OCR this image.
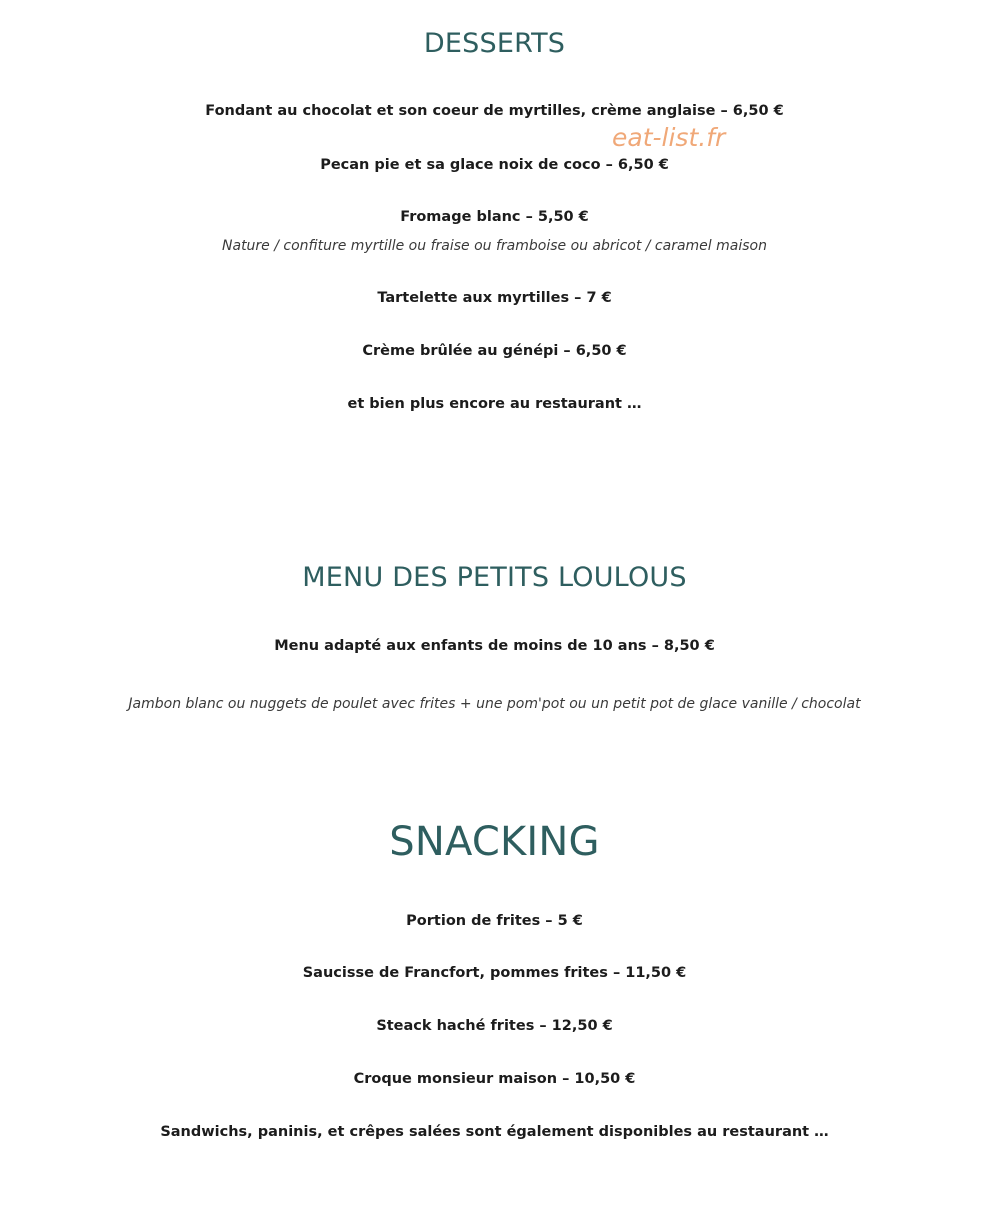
DESSERTS
Fondant au chocolat et son coeur de myrtilles, crème anglaise – 6,50 €
eat-list.fr
Pecan pie et sa glace noix de coco – 6,50 €
Fromage blanc – 5,50 €
Nature / confiture myrtille ou fraise ou framboise ou abricot / caramel maison
Tartelette aux myrtilles – 7 €
Crème brûlée au génépi – 6,50 €
et bien plus encore au restaurant …
MENU DES PETITS LOULOUS
Menu adapté aux enfants de moins de 10 ans – 8,50 €
Jambon blanc ou nuggets de poulet avec frites + une pom'pot ou un petit pot de glace vanille / chocolat
SNACKING
Portion de frites – 5 €
Saucisse de Francfort, pommes frites – 11,50 €
Steack haché frites – 12,50 €
Croque monsieur maison – 10,50 €
Sandwichs, paninis, et crêpes salées sont également disponibles au restaurant …
